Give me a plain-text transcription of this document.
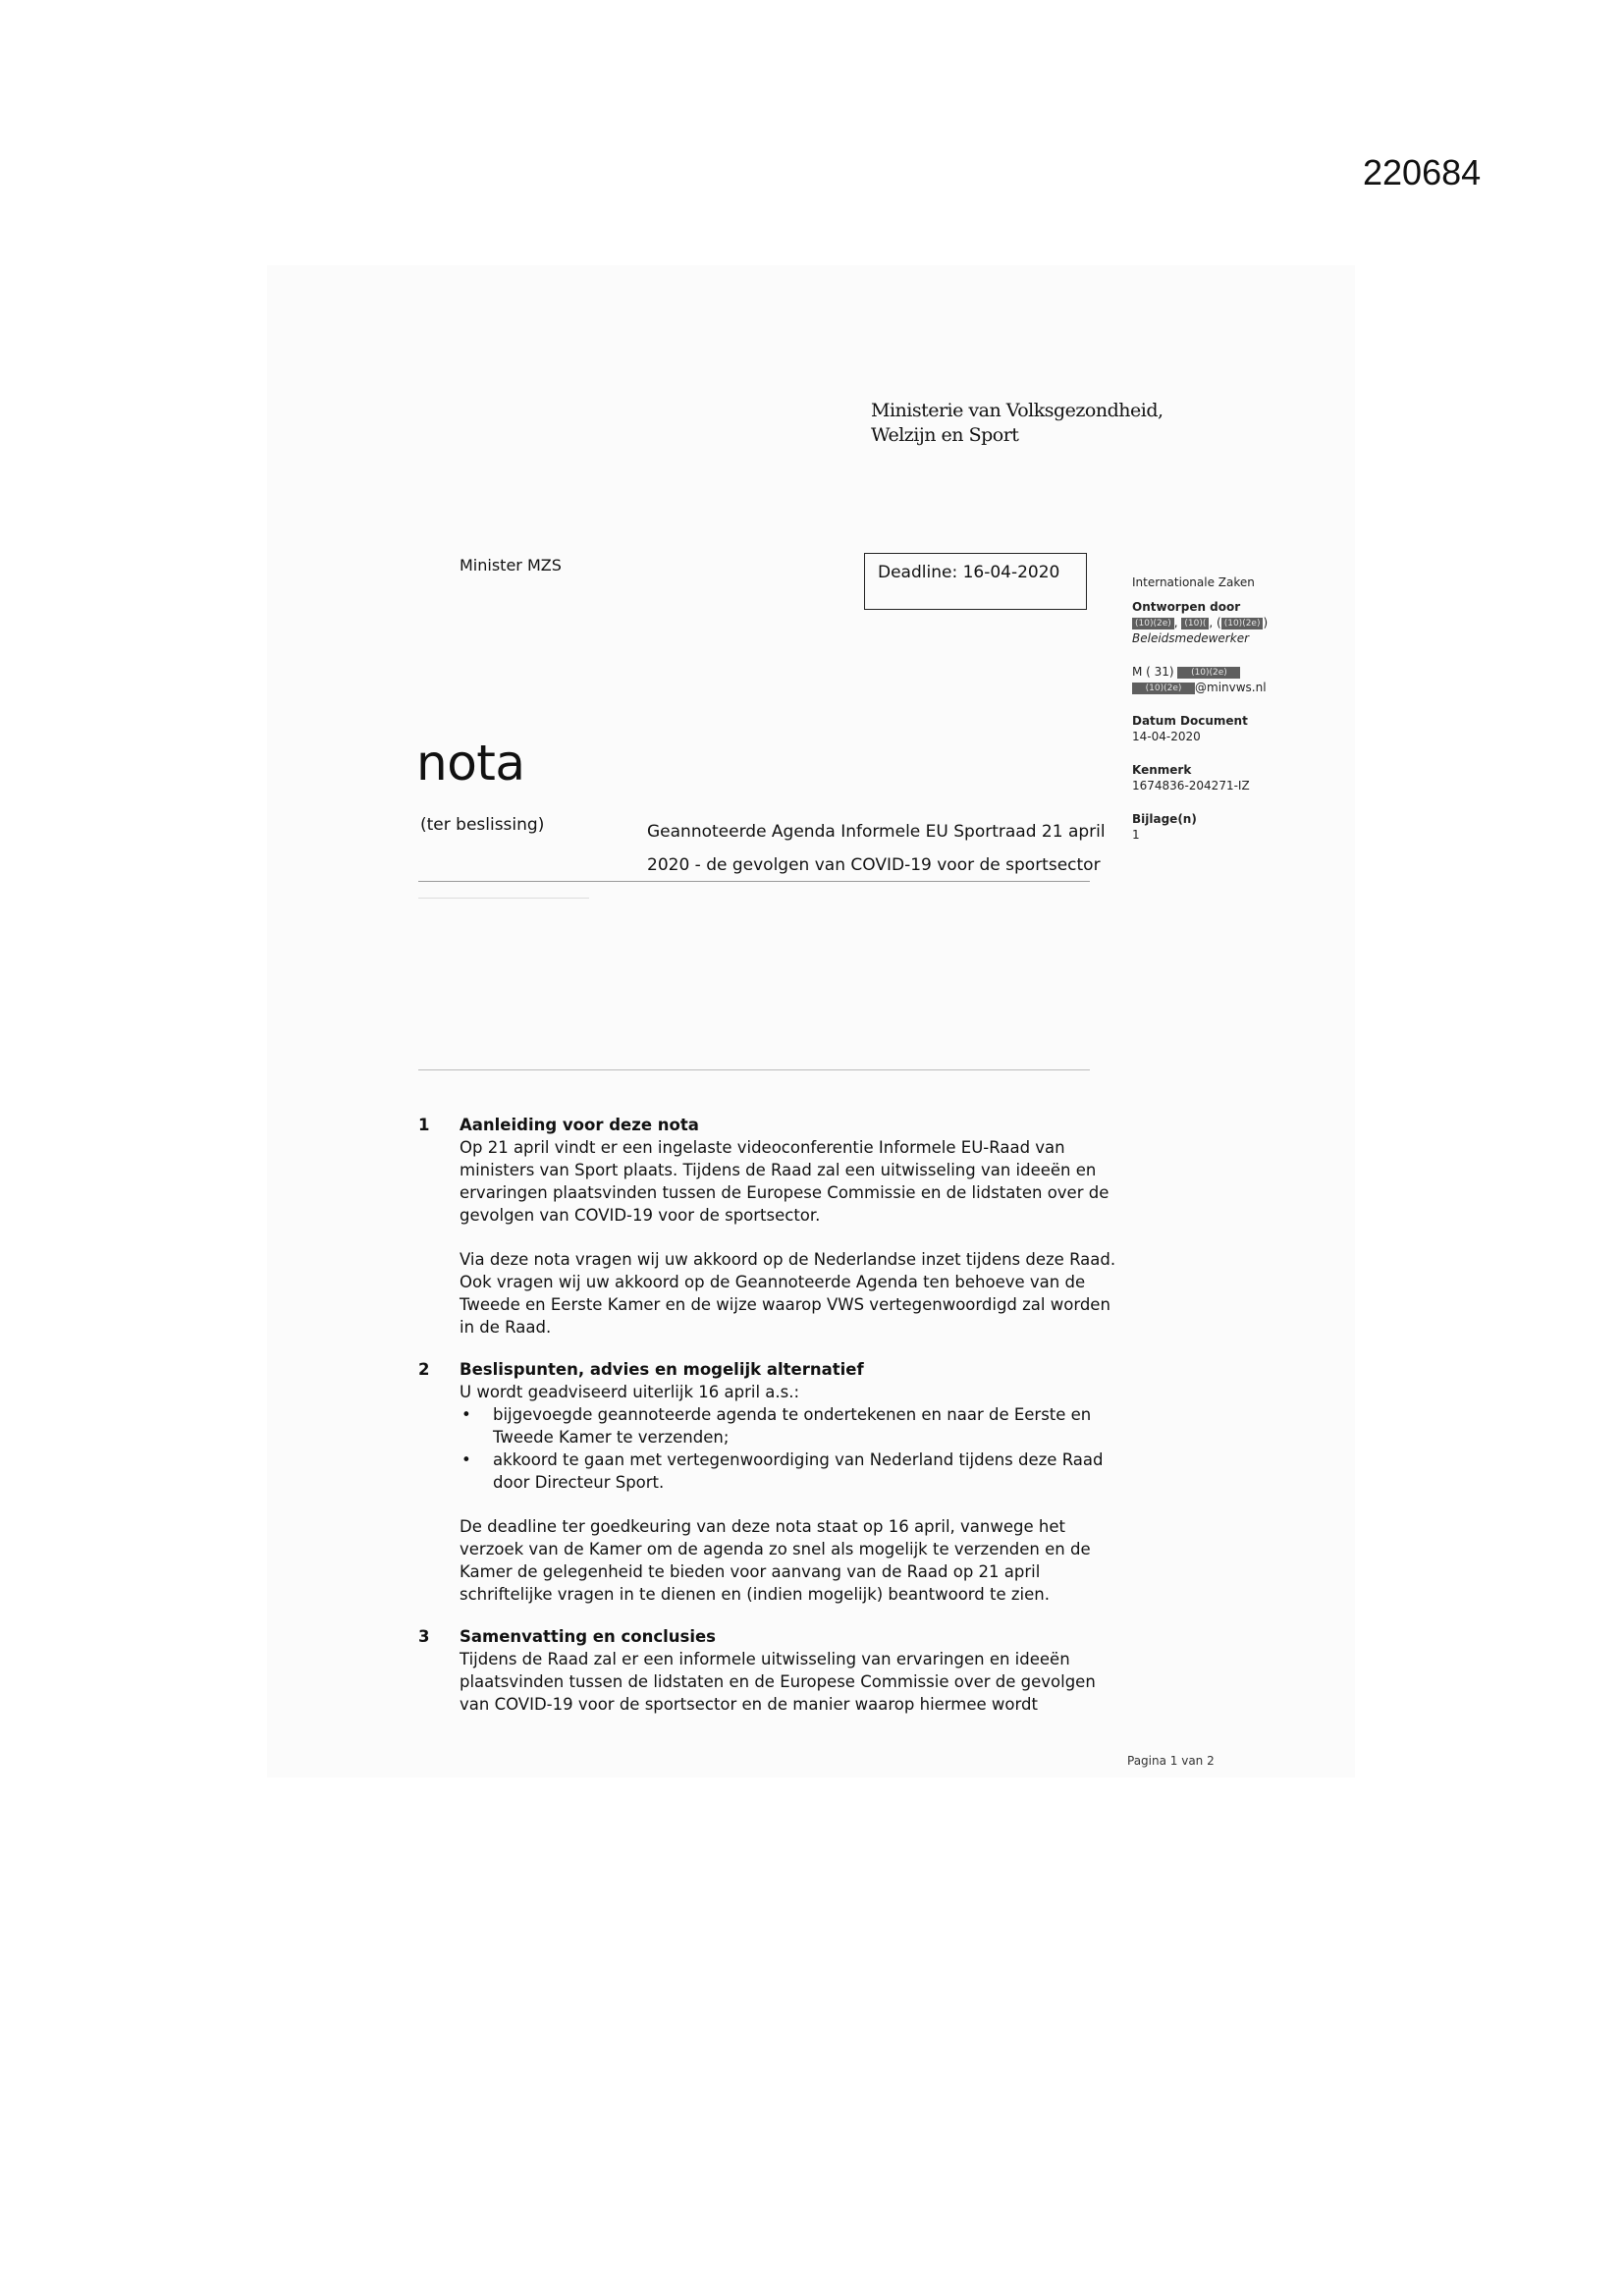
220684
Ministerie van Volksgezondheid,
Welzijn en Sport
Minister MZS	Deadline: 16-04-2020	Internationale Zaken
Ontworpen door
(10)(2e) , (10)( , ( (10)(2e) )
Beleidsmedewerker
M ( 31) (10)(2e)
(10)(2e) @minvws.nl
Datum Document
14-04-2020
Kenmerk
1674836-204271-IZ
Bijlage(n)
1
nota
(ter beslissing)	Geannoteerde Agenda Informele EU Sportraad 21 april
2020 - de gevolgen van COVID-19 voor de sportsector
1 Aanleiding voor deze nota

Op 21 april vindt er een ingelaste videoconferentie Informele EU-Raad van ministers van Sport plaats. Tijdens de Raad zal een uitwisseling van ideeën en ervaringen plaatsvinden tussen de Europese Commissie en de lidstaten over de gevolgen van COVID-19 voor de sportsector.

Via deze nota vragen wij uw akkoord op de Nederlandse inzet tijdens deze Raad. Ook vragen wij uw akkoord op de Geannoteerde Agenda ten behoeve van de Tweede en Eerste Kamer en de wijze waarop VWS vertegenwoordigd zal worden in de Raad.

2 Beslispunten, advies en mogelijk alternatief
U wordt geadviseerd uiterlijk 16 april a.s.:
• bijgevoegde geannoteerde agenda te ondertekenen en naar de Eerste en Tweede Kamer te verzenden;
• akkoord te gaan met vertegenwoordiging van Nederland tijdens deze Raad door Directeur Sport.

De deadline ter goedkeuring van deze nota staat op 16 april, vanwege het verzoek van de Kamer om de agenda zo snel als mogelijk te verzenden en de Kamer de gelegenheid te bieden voor aanvang van de Raad op 21 april schriftelijke vragen in te dienen en (indien mogelijk) beantwoord te zien.

3 Samenvatting en conclusies

Tijdens de Raad zal er een informele uitwisseling van ervaringen en ideeën plaatsvinden tussen de lidstaten en de Europese Commissie over de gevolgen van COVID-19 voor de sportsector en de manier waarop hiermee wordt

Pagina 1 van 2
